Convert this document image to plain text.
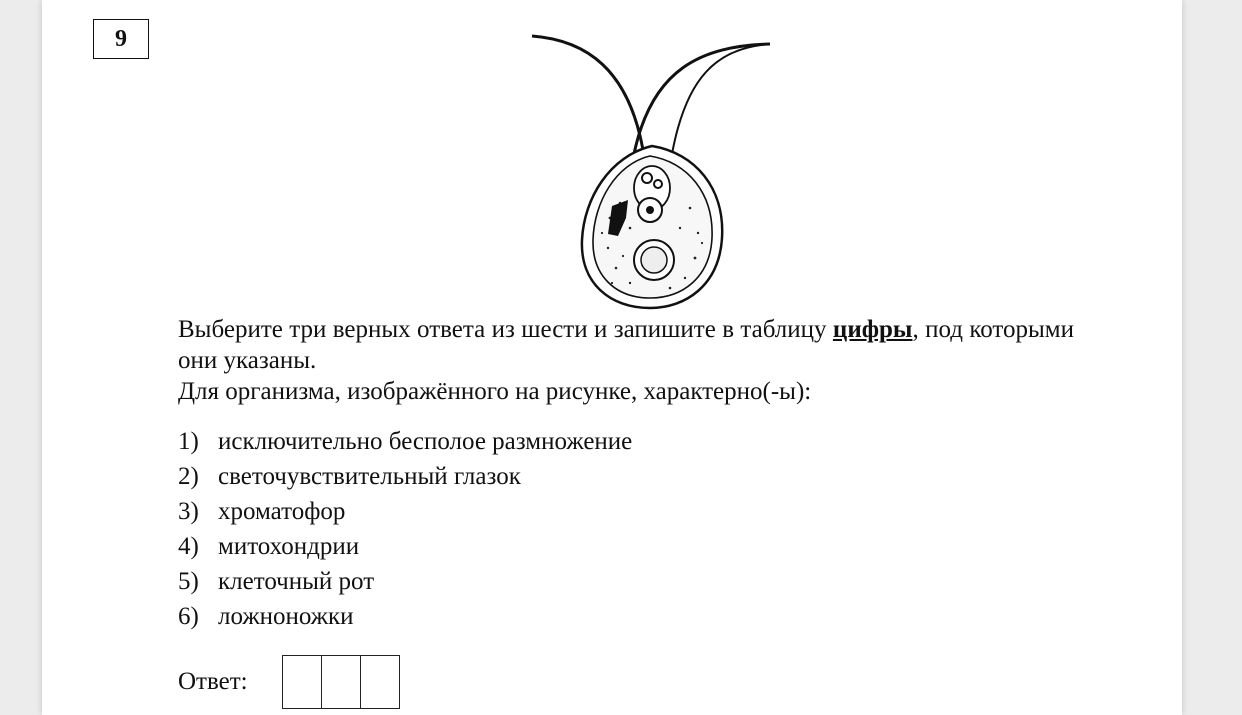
9

Выберите три верных ответа из шести и запишите в таблицу цифры, под которыми они указаны.

Для организма, изображённого на рисунке, характерно(-ы):

1) исключительно бесполое размножение
2) светочувствительный глазок
3) хроматофор
4) митохондрии
5) клеточный рот
6) ложноножки
Ответ:
